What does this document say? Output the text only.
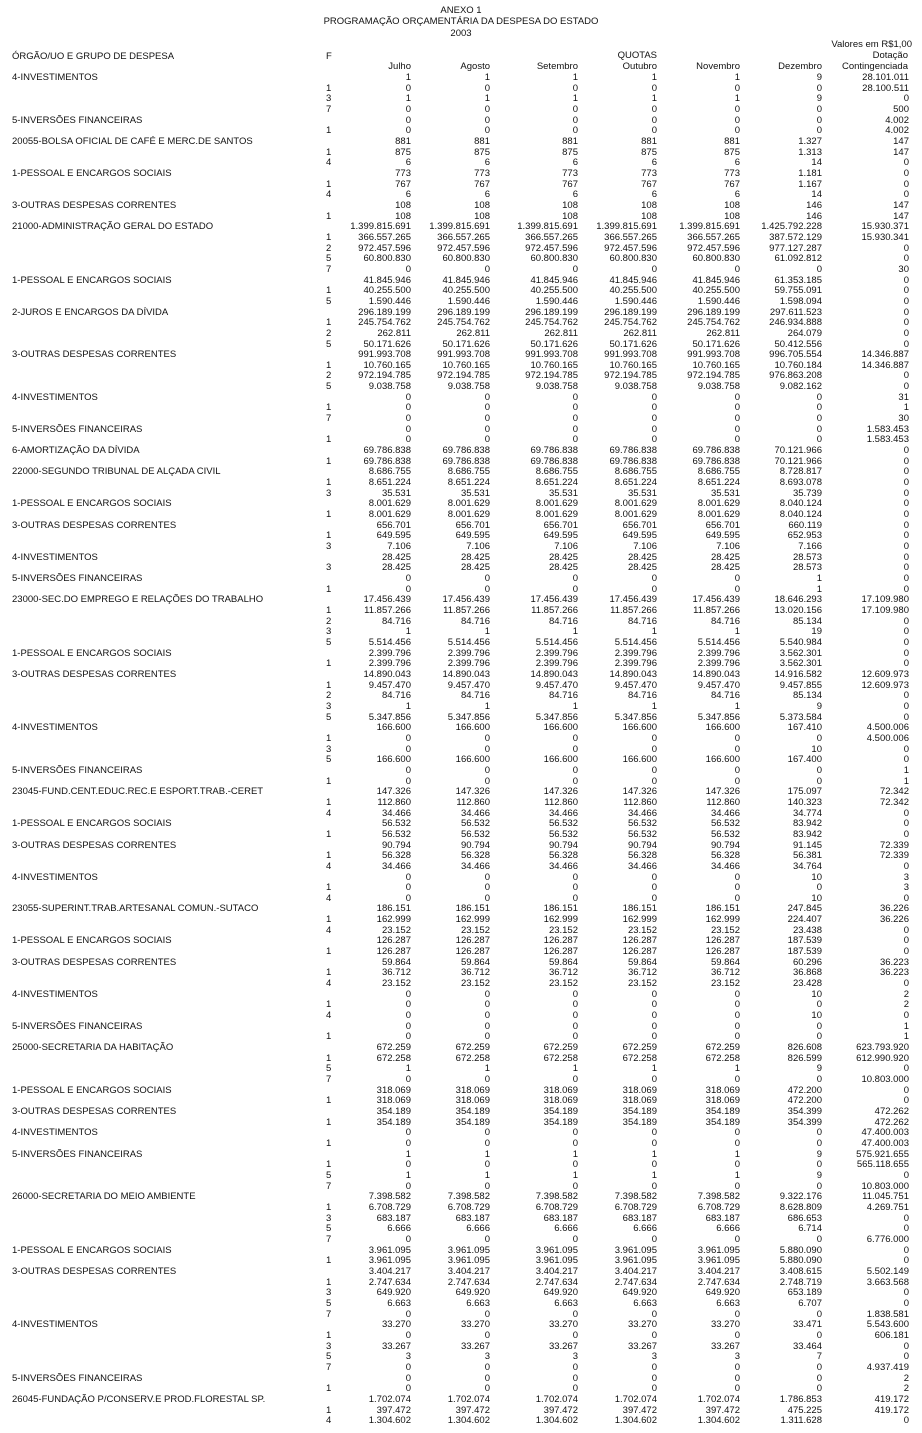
ANEXO 1
PROGRAMAÇÃO ORÇAMENTÁRIA DA DESPESA DO ESTADO
2003
Valores em R$1,00
ÓRGÃO/UO E GRUPO DE DESPESA	F	QUOTAS	Dotação
Contingenciada
Julho	Agosto	Setembro	Outubro	Novembro	Dezembro
4-INVESTIMENTOS	1	1	1	1	1	9	28.101.011
1	0	0	0	0	0	0	28.100.511
3	1	1	1	1	1	9	0
7	0	0	0	0	0	0	500
5-INVERSÕES FINANCEIRAS	0	0	0	0	0	0	4.002
1	0	0	0	0	0	0	4.002
20055-BOLSA OFICIAL DE CAFÉ E MERC.DE SANTOS	881	881	881	881	881	1.327	147
1	875	875	875	875	875	1.313	147
4	6	6	6	6	6	14	0
1-PESSOAL E ENCARGOS SOCIAIS	773	773	773	773	773	1.181	0
1	767	767	767	767	767	1.167	0
4	6	6	6	6	6	14	0
3-OUTRAS DESPESAS CORRENTES	108	108	108	108	108	146	147
1	108	108	108	108	108	146	147
21000-ADMINISTRAÇÃO GERAL DO ESTADO	1.399.815.691	1.399.815.691	1.399.815.691	1.399.815.691	1.399.815.691	1.425.792.228	15.930.371
1	366.557.265	366.557.265	366.557.265	366.557.265	366.557.265	387.572.129	15.930.341
2	972.457.596	972.457.596	972.457.596	972.457.596	972.457.596	977.127.287	0
5	60.800.830	60.800.830	60.800.830	60.800.830	60.800.830	61.092.812	0
7	0	0	0	0	0	0	30
1-PESSOAL E ENCARGOS SOCIAIS	41.845.946	41.845.946	41.845.946	41.845.946	41.845.946	61.353.185	0
1	40.255.500	40.255.500	40.255.500	40.255.500	40.255.500	59.755.091	0
5	1.590.446	1.590.446	1.590.446	1.590.446	1.590.446	1.598.094	0
2-JUROS E ENCARGOS DA DÍVIDA	296.189.199	296.189.199	296.189.199	296.189.199	296.189.199	297.611.523	0
1	245.754.762	245.754.762	245.754.762	245.754.762	245.754.762	246.934.888	0
2	262.811	262.811	262.811	262.811	262.811	264.079	0
5	50.171.626	50.171.626	50.171.626	50.171.626	50.171.626	50.412.556	0
3-OUTRAS DESPESAS CORRENTES	991.993.708	991.993.708	991.993.708	991.993.708	991.993.708	996.705.554	14.346.887
1	10.760.165	10.760.165	10.760.165	10.760.165	10.760.165	10.760.184	14.346.887
2	972.194.785	972.194.785	972.194.785	972.194.785	972.194.785	976.863.208	0
5	9.038.758	9.038.758	9.038.758	9.038.758	9.038.758	9.082.162	0
4-INVESTIMENTOS	0	0	0	0	0	0	31
1	0	0	0	0	0	0	1
7	0	0	0	0	0	0	30
5-INVERSÕES FINANCEIRAS	0	0	0	0	0	0	1.583.453
1	0	0	0	0	0	0	1.583.453
6-AMORTIZAÇÃO DA DÍVIDA	69.786.838	69.786.838	69.786.838	69.786.838	69.786.838	70.121.966	0
1	69.786.838	69.786.838	69.786.838	69.786.838	69.786.838	70.121.966	0
22000-SEGUNDO TRIBUNAL DE ALÇADA CIVIL	8.686.755	8.686.755	8.686.755	8.686.755	8.686.755	8.728.817	0
1	8.651.224	8.651.224	8.651.224	8.651.224	8.651.224	8.693.078	0
3	35.531	35.531	35.531	35.531	35.531	35.739	0
1-PESSOAL E ENCARGOS SOCIAIS	8.001.629	8.001.629	8.001.629	8.001.629	8.001.629	8.040.124	0
1	8.001.629	8.001.629	8.001.629	8.001.629	8.001.629	8.040.124	0
3-OUTRAS DESPESAS CORRENTES	656.701	656.701	656.701	656.701	656.701	660.119	0
1	649.595	649.595	649.595	649.595	649.595	652.953	0
3	7.106	7.106	7.106	7.106	7.106	7.166	0
4-INVESTIMENTOS	28.425	28.425	28.425	28.425	28.425	28.573	0
3	28.425	28.425	28.425	28.425	28.425	28.573	0
5-INVERSÕES FINANCEIRAS	0	0	0	0	0	1	0
1	0	0	0	0	0	1	0
23000-SEC.DO EMPREGO E RELAÇÕES DO TRABALHO	17.456.439	17.456.439	17.456.439	17.456.439	17.456.439	18.646.293	17.109.980
1	11.857.266	11.857.266	11.857.266	11.857.266	11.857.266	13.020.156	17.109.980
2	84.716	84.716	84.716	84.716	84.716	85.134	0
3	1	1	1	1	1	19	0
5	5.514.456	5.514.456	5.514.456	5.514.456	5.514.456	5.540.984	0
1-PESSOAL E ENCARGOS SOCIAIS	2.399.796	2.399.796	2.399.796	2.399.796	2.399.796	3.562.301	0
1	2.399.796	2.399.796	2.399.796	2.399.796	2.399.796	3.562.301	0
3-OUTRAS DESPESAS CORRENTES	14.890.043	14.890.043	14.890.043	14.890.043	14.890.043	14.916.582	12.609.973
1	9.457.470	9.457.470	9.457.470	9.457.470	9.457.470	9.457.855	12.609.973
2	84.716	84.716	84.716	84.716	84.716	85.134	0
3	1	1	1	1	1	9	0
5	5.347.856	5.347.856	5.347.856	5.347.856	5.347.856	5.373.584	0
4-INVESTIMENTOS	166.600	166.600	166.600	166.600	166.600	167.410	4.500.006
1	0	0	0	0	0	0	4.500.006
3	0	0	0	0	0	10	0
5	166.600	166.600	166.600	166.600	166.600	167.400	0
5-INVERSÕES FINANCEIRAS	0	0	0	0	0	0	1
1	0	0	0	0	0	0	1
23045-FUND.CENT.EDUC.REC.E ESPORT.TRAB.-CERET	147.326	147.326	147.326	147.326	147.326	175.097	72.342
1	112.860	112.860	112.860	112.860	112.860	140.323	72.342
4	34.466	34.466	34.466	34.466	34.466	34.774	0
1-PESSOAL E ENCARGOS SOCIAIS	56.532	56.532	56.532	56.532	56.532	83.942	0
1	56.532	56.532	56.532	56.532	56.532	83.942	0
3-OUTRAS DESPESAS CORRENTES	90.794	90.794	90.794	90.794	90.794	91.145	72.339
1	56.328	56.328	56.328	56.328	56.328	56.381	72.339
4	34.466	34.466	34.466	34.466	34.466	34.764	0
4-INVESTIMENTOS	0	0	0	0	0	10	3
1	0	0	0	0	0	0	3
4	0	0	0	0	0	10	0
23055-SUPERINT.TRAB.ARTESANAL COMUN.-SUTACO	186.151	186.151	186.151	186.151	186.151	247.845	36.226
1	162.999	162.999	162.999	162.999	162.999	224.407	36.226
4	23.152	23.152	23.152	23.152	23.152	23.438	0
1-PESSOAL E ENCARGOS SOCIAIS	126.287	126.287	126.287	126.287	126.287	187.539	0
1	126.287	126.287	126.287	126.287	126.287	187.539	0
3-OUTRAS DESPESAS CORRENTES	59.864	59.864	59.864	59.864	59.864	60.296	36.223
1	36.712	36.712	36.712	36.712	36.712	36.868	36.223
4	23.152	23.152	23.152	23.152	23.152	23.428	0
4-INVESTIMENTOS	0	0	0	0	0	10	2
1	0	0	0	0	0	0	2
4	0	0	0	0	0	10	0
5-INVERSÕES FINANCEIRAS	0	0	0	0	0	0	1
1	0	0	0	0	0	0	1
25000-SECRETARIA DA HABITAÇÃO	672.259	672.259	672.259	672.259	672.259	826.608	623.793.920
1	672.258	672.258	672.258	672.258	672.258	826.599	612.990.920
5	1	1	1	1	1	9	0
7	0	0	0	0	0	0	10.803.000
1-PESSOAL E ENCARGOS SOCIAIS	318.069	318.069	318.069	318.069	318.069	472.200	0
1	318.069	318.069	318.069	318.069	318.069	472.200	0
3-OUTRAS DESPESAS CORRENTES	354.189	354.189	354.189	354.189	354.189	354.399	472.262
1	354.189	354.189	354.189	354.189	354.189	354.399	472.262
4-INVESTIMENTOS	0	0	0	0	0	0	47.400.003
1	0	0	0	0	0	0	47.400.003
5-INVERSÕES FINANCEIRAS	1	1	1	1	1	9	575.921.655
1	0	0	0	0	0	0	565.118.655
5	1	1	1	1	1	9	0
7	0	0	0	0	0	0	10.803.000
26000-SECRETARIA DO MEIO AMBIENTE	7.398.582	7.398.582	7.398.582	7.398.582	7.398.582	9.322.176	11.045.751
1	6.708.729	6.708.729	6.708.729	6.708.729	6.708.729	8.628.809	4.269.751
3	683.187	683.187	683.187	683.187	683.187	686.653	0
5	6.666	6.666	6.666	6.666	6.666	6.714	0
7	0	0	0	0	0	0	6.776.000
1-PESSOAL E ENCARGOS SOCIAIS	3.961.095	3.961.095	3.961.095	3.961.095	3.961.095	5.880.090	0
1	3.961.095	3.961.095	3.961.095	3.961.095	3.961.095	5.880.090	0
3-OUTRAS DESPESAS CORRENTES	3.404.217	3.404.217	3.404.217	3.404.217	3.404.217	3.408.615	5.502.149
1	2.747.634	2.747.634	2.747.634	2.747.634	2.747.634	2.748.719	3.663.568
3	649.920	649.920	649.920	649.920	649.920	653.189	0
5	6.663	6.663	6.663	6.663	6.663	6.707	0
7	0	0	0	0	0	0	1.838.581
4-INVESTIMENTOS	33.270	33.270	33.270	33.270	33.270	33.471	5.543.600
1	0	0	0	0	0	0	606.181
3	33.267	33.267	33.267	33.267	33.267	33.464	0
5	3	3	3	3	3	7	0
7	0	0	0	0	0	0	4.937.419
5-INVERSÕES FINANCEIRAS	0	0	0	0	0	0	2
1	0	0	0	0	0	0	2
26045-FUNDAÇÃO P/CONSERV.E PROD.FLORESTAL SP.	1.702.074	1.702.074	1.702.074	1.702.074	1.702.074	1.786.853	419.172
1	397.472	397.472	397.472	397.472	397.472	475.225	419.172
4	1.304.602	1.304.602	1.304.602	1.304.602	1.304.602	1.311.628	0
